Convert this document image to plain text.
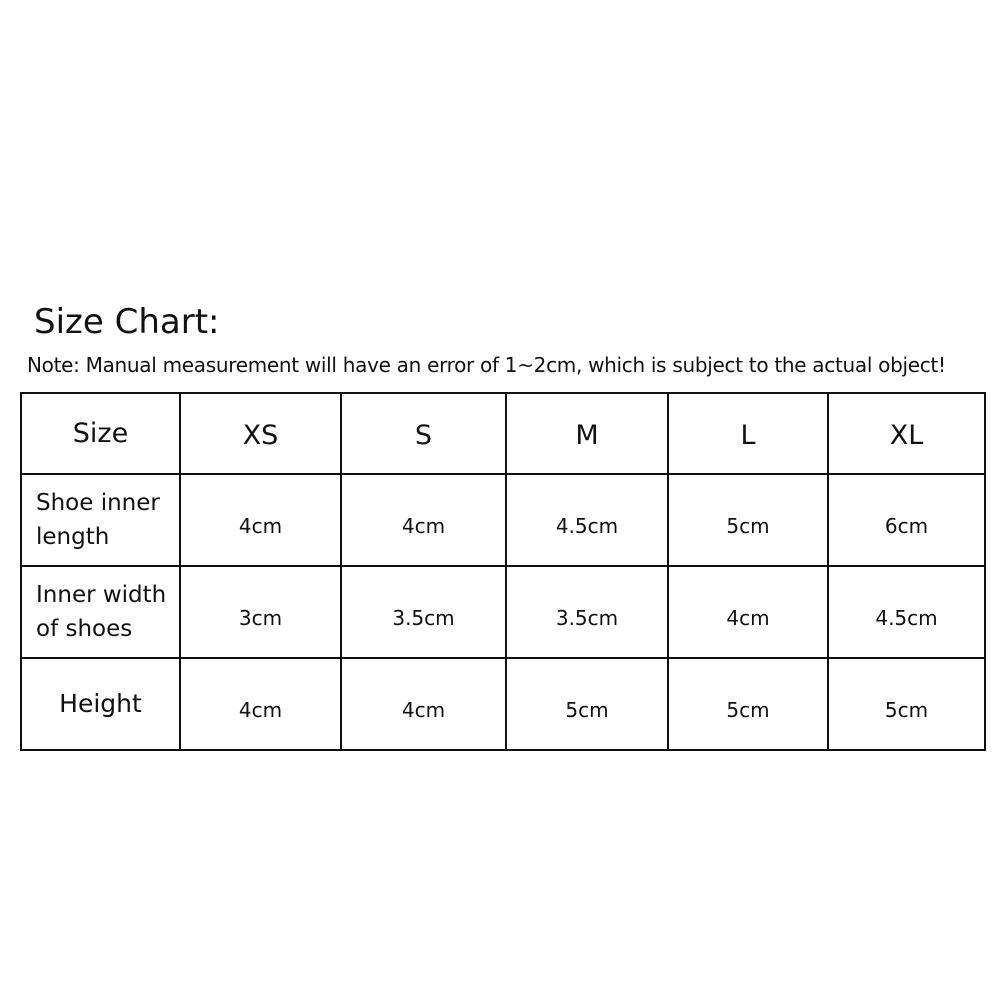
Size Chart:
Note: Manual measurement will have an error of 1~2cm, which is subject to the actual object!
Size	XS	S	M	L	XL
Shoe inner length	4cm	4cm	4.5cm	5cm	6cm
Inner width of shoes	3cm	3.5cm	3.5cm	4cm	4.5cm
Height	4cm	4cm	5cm	5cm	5cm
